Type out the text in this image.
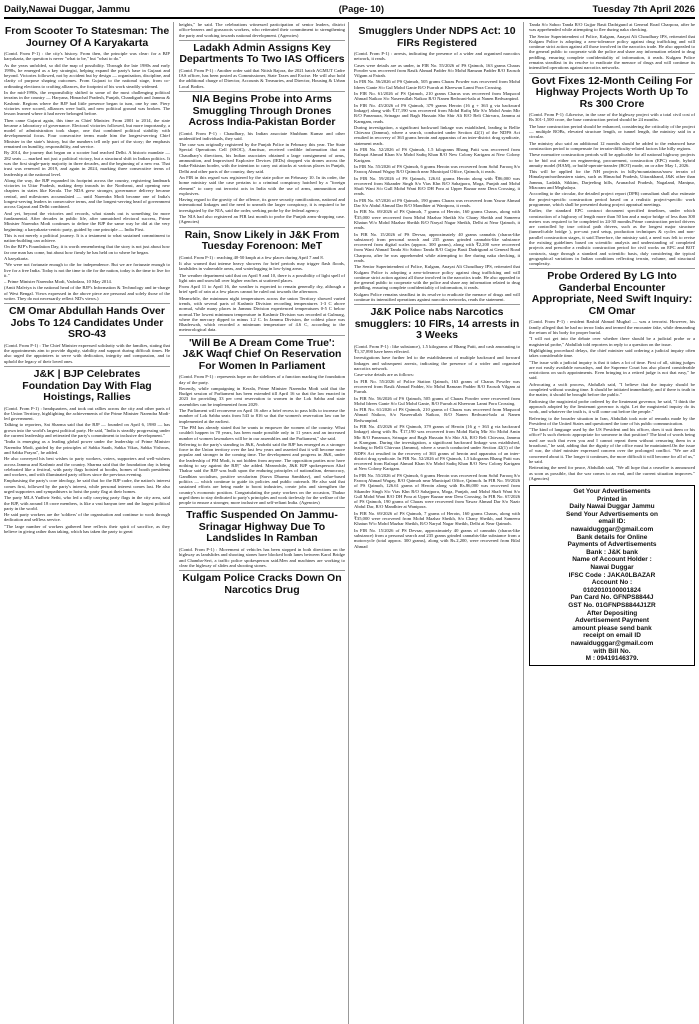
Daily,Nawai Duggar, Jammu	(Page- 10)	Tuesday 7th April 2026
From Scooter To Statesman: The Journey Of A Karyakarta

(Contd. From P-1) : the city's history. From then, the principle was clear: for a BJP karyakarta, the question is never "what to be," but "what to do."

As the years unfolded, so did the map of possibility. Through the late 1980s and early 1990s, he emerged as a key strategist, helping expand the party's base in Gujarat and beyond. Victories followed, not by accident but by design — organisation, discipline, and clarity of purpose shaping outcomes. From Gujarat to the national stage, from co-ordinating elections to crafting alliances, the footprint of his work steadily widened.

In the mid-1990s, the responsibility shifted to some of the most challenging political terrains in the country — Haryana, Himachal Pradesh, Punjab, Chandigarh and Jammu & Kashmir. Regions where the BJP had little presence began to turn, one by one. Fiery victories were scored, alliances were built, and new political ground was broken. The lesson learned where it had never belonged before.

Then came Gujarat again, this time as Chief Minister. From 2001 to 2014, the state became a laboratory of governance. Electoral victories followed, but more importantly, a model of administration took shape, one that combined political stability with developmental focus. Four consecutive terms made him the longest-serving Chief Minister in the state's history, but the numbers tell only part of the story; the emphasis remained on humility, responsibility, and service.

By 2014, the journey that began on a scooter had reached Delhi. A historic mandate — 282 seats — marked not just a political victory, but a structural shift in Indian politics. It was the first single-party majority in three decades, and the beginning of a new era. That trust was renewed in 2019, and again in 2024, marking three consecutive terms of leadership at the national level.

Along the way, the BJP expanded its footprint across the country, registering landmark victories in Uttar Pradesh, making deep inroads in the Northeast, and opening new chapters in states like Kerala. The NDA grew stronger, governance delivery became central, and milestones accumulated — until Narendra Modi became one of India's longest-serving leaders in consecutive terms, and the longest-serving head of government across Gujarat and Delhi combined.

And yet, beyond the victories and records, what stands out is something far more fundamental. After decades in public life, after unmatched electoral success, Prime Minister Narendra Modi continues to define the BJP the same way he did at the very beginning: a karyakarta-centric party, guided by one principle — India First.

This is not merely a political journey. It is a testament to what sustained commitment to nation-building can achieve.

On the BJP's Foundation Day, it is worth remembering that the story is not just about how far one man has come, but about how firmly he has held on to where he began.

A karyakarta.

"We were not fortunate enough to die for independence. But we are fortunate enough to live for a free India. Today is not the time to die for the nation, today is the time to live for it."

– Prime Minister Narendra Modi, Vadodara, 10 May 2014.

(Amit Malviya is the national head of the BJP's Information & Technology and in-charge of West Bengal. Views expressed in the above piece are personal and solely those of the writer. They do not necessarily reflect ND's views.)

CM Omar Abdullah Hands Over Jobs To 124 Candidates Under SRO-43

(Contd. From P-1) : The Chief Minister expressed solidarity with the families, stating that the appointments aim to provide dignity, stability and support during difficult times. He also urged the appointees to serve with dedication, integrity and compassion, and to uphold the legacy of their loved ones.

J&K | BJP Celebrates Foundation Day With Flag Hoistings, Rallies

(Contd. From P-1) : headquarters, and took out rallies across the city and other parts of the Union Territory, highlighting the achievements of the Prime Minister Narendra Modi-led government.

Talking to reporters, Sat Sharma said that the BJP — founded on April 6, 1980 — has grown into the world's largest political party. He said, "India is steadily progressing under the current leadership and reiterated the party's commitment to inclusive development."

"India is emerging as a leading global power under the leadership of Prime Minister Narendra Modi, guided by the principles of Sabka Saath, Sabka Vikas, Sabka Vishwas, and Sabka Prayas", he added.

He also conveyed his best wishes to party workers, voters, supporters and well-wishers across Jammu and Kashmir and the country. Sharma said that the foundation day is being celebrated like a festival, with party flags hoisted at booths, homes of booth presidents and workers, and with illuminated party offices since the previous evening.

Emphasising the party's core ideology, he said that for the BJP cadre, the nation's interest comes first, followed by the party's interest, while personal interest comes last. He also urged supporters and sympathisers to hoist the party flag at their homes.

The party MLA Yudhvir Sethi, who led a rally carrying party flags in the city area, said the BJP, with around 18 crore members, is like a vast banyan tree and the largest political party in the world.

He said party workers are the 'soldiers' of the organisation and continue to work through dedication and selfless service.

"The large number of workers gathered here reflects their spirit of sacrifice, as they believe in giving rather than taking, which has taken the party to great

heights," he said. The celebrations witnessed participation of senior leaders, district office-bearers and grassroots workers, who reiterated their commitment to strengthening the party and working towards national development. (Agencies)

Ladakh Admin Assigns Key Departments To Two IAS Officers

(Contd. From P-1) : Another order said that Nitish Rajora, the 2021 batch AGMUT Cadre IAS officer, has been posted as Commissioner, State Taxes and Excise. He will also hold the additional charge of Director, Accounts & Treasuries, and Director, Housing & Urban Local Bodies.

NIA Begins Probe into Arms Smuggling Through Drones Across India-Pakistan Border

(Contd. From P-1) : Chaudhary, his Indian associate Shubham Kumar and other unidentified individuals, they said.

The case was originally registered by the Punjab Police in February this year. The State Special Operations Cell (SSOC), Amritsar, received credible information that on Chaudhary's directions, his Indian associates obtained a large consignment of arms, ammunition, and Improvised Explosive Devices (IEDs) dropped via drones across the India-Pakistan border, with the intention to carry out attacks at various places in Punjab, Delhi and other parts of the country, they said.

An FIR in this regard was registered by the state police on February 10. In its order, the home ministry said the case pertains to a criminal conspiracy hatched by a "foreign element" to carry out terrorist acts in India with the use of arms, ammunition and explosives.

Having regard to the gravity of the offence, its grave security ramifications, national and international linkages and the need to unearth the larger conspiracy, it is required to be investigated by the NIA, said the order, seeking probe by the federal agency.

The NIA had also registered an FIR last month to probe the Punjab arms-dropping case. (Agencies)

Rain, Snow Likely in J&K From Tuesday Forenoon: MeT

(Contd. From P-1) : reaching 40-50 kmph at a few places during April 7 and 8.

It also warned that intense heavy showers for brief periods may trigger flash floods, landslides in vulnerable areas, and waterlogging in low-lying areas.

The weather department said that on April 9 and 10, there is a possibility of light spell of light rain and snowfall over higher reaches at scattered places.

From April 11 to April 16, the weather is expected to remain generally dry, although a brief spell of rain at a few places cannot be ruled out towards the afternoon.

Meanwhile, the minimum night temperatures across the union Territory showed varied trends, with several parts of Kashmir Division recording temperatures 1-3 C above normal, while many places in Jammu Division experienced temperatures 0-5 C below normal.The lowest minimum temperature in Kashmir Division was recorded at Gulmarg, where the mercury dipped to minus 1.2 C. In Jammu Division, the coldest place was Bhaderwah, which recorded a minimum temperature of 4.6 C, according to the meteorological data.

'Will Be A Dream Come True': J&K Waqf Chief On Reservation For Women In Parliament

(Contd. From P-1) : represents hope on the sidelines of a function marking the foundation day of the party.

Recently, while campaigning in Kerala, Prime Minister Narendra Modi said that the Budget session of Parliament has been extended till April 16 so that the law enacted in 2023 for providing 33 per cent reservation to women in the Lok Sabha and state assemblies can be implemented from 2029.

The Parliament will reconvene on April 16 after a brief recess to pass bills to increase the number of Lok Sabha seats from 543 to 816 so that the women's reservation law can be implemented at the earliest.

"The PM has already stated that he wants to empower the women of the country. What couldn't happen in 70 years, has been made possible only in 11 years and an increased number of women lawmakers will be in our assemblies and the Parliament," she said.

Referring to the party's standing in J&K, Andrabi said the BJP has emerged as a stronger force in the Union territory over the last few years and asserted that it will become more popular and stronger in the coming time. The development and progress in J&K, under the leadership of PM Modi, is not hidden from anyone. The opposition parties now have nothing to say against the BJP," she added. Meanwhile, J&K BJP spokesperson Altaf Thakur said the BJP was built upon the enduring principles of nationalism, democracy, Gandhian socialism, positive secularism (Sarva Dharma Sambhav), and value-based politics — which continue to guide its policies and public outreach. He also said that sustained efforts are being made to boost industries, create jobs and strengthen the country's economic position. Congratulating the party workers on the occasion, Thakur urged them to stay dedicated to party's principles and work tirelessly for the welfare of the people to ensure a stronger, more inclusive and self-reliant India. (Agencies)

Traffic Suspended On Jammu-Srinagar Highway Due To Landslides In Ramban

(Contd. From P-1) : Movement of vehicles has been stopped in both directions on the highway as landslides and shooting stones have blocked both lanes between Karol Bridge and Chamba-Seri, a traffic police spokesperson said.Men and machines are working to clear the highway of slides and shooting stones.

Kulgam Police Cracks Down On Narcotics Drug
Smugglers Under NDPS Act: 10 FIRs Registered

(Contd. From P-1) : arrests, indicating the presence of a wider and organised narcotics network, it reads.

Cases were details are as under, in FIR No. 55/2026 of PS Qaimoh, 163 grams Charas Powder was recovered from Rasik Ahmad Padder S/o Mohd Ramzan Padder R/O Ezosoh Vilgam at Fairah.

In FIR No. 56/2026 of PS Qaimoh, 505 grams Charas Powder was recovered from Mohd Idrees Ganie S/o Gul Mohd Ganie R/O Furrah at Kheewan Lanni Pora Crossing.

In FIR No. 61/2026 of PS Qaimoh, 210 grams Charas was recovered from Maqsood Ahmad Naikoo S/o Naseerullah Naikoo R/O Nanen Redwani-bala at Nanen Redwanpind.

In FIR No. 45/2026 of PS Qaimoh, 379 grams Heroin (16 g + 363 g via backward linkage) along with ₹17,190 was recovered from Mohd Rafiq Mir S/o Mohd Amin Mir R/O Panzmara, Srinagar and Bagh Hussain Sho Shir Ali R/O Beli Chirvara, Jammu at Karngam, reads.

During investigation, a significant backward linkage was established, leading to Bellie Chirvara (Jammu), where a search, conducted under Section 42(1) of the NDPS Act resulted in recovery of 363 grams heroin and apparatus of an inter-district drug syndicate, statement reads.

In FIR No. 52/2026 of PS Qaimoh, 1.5 kilograms Bhang Patti was recovered from Rafaqat Ahmad Khan S/o Mohd Sadiq Khan R/O New Colony Karigam at New Colony Karigam.

In FIR No. 55/2026 of PS Qaimoh, 6 grams Heroin was recovered from Sohil Farooq S/o Farooq Ahmad Wagay R/O Qaimoh near Municipal Office, Qaimoh, it reads.

In FIR No. 59/2026 of PS Qaimoh, 126.61 grams Heroin along with ₹86,000 was recovered from Sikander Singh S/o Vias Khn R/O Sahajpora, Moga, Punjab and Mohd Shafi Wani S/o Gull Mohd Wani R/O DH Pora at Upper Bazaar near Dera Crossing, it reads.

In FIR No. 67/2026 of PS Qaimoh, 190 grams Charas was recovered from Yawar Ahmad Dar S/o Abdul Ahmad Dar R/O Mandhier at Wanipora, it reads.

In FIR No. 69/2026 of PS Qaimoh, 7 grams of Heroin, 160 grams Charas, along with ₹35,000 were recovered from Mohd Mazhar Sheikh S/o Chany Sheikh and Sameera Khatun W/o Mohd Mazhar Sheikh R/O Naryal Nagar Sheikh, Delhi at Near Qaimoh, it reads.

In FIR No. 15/2026 of PS Devsar, approximately 40 grams cannabis (charas-like substance) from personal search and 235 grams grinded cannabis-like substance recovered from digital scales (approx. 300 grams), along with ₹2,200 were recovered from Wani Ahmad Tanda S/o Saboo Tanda R/O Gujjar Basti Dadrigund at General Road Charpora, after he was apprehended while attempting to flee during naka checking, it reads.

The Senior Superintendent of Police, Kulgam, Anayat Ali Choudhary IPS, reiterated that Kulgam Police is adopting a zero-tolerance policy against drug trafficking and will continue strict action against all those involved in the narcotics trade. He also appealed to the general public to cooperate with the police and share any information related to drug peddling, ensuring complete confidentiality of information, it reads.

Kulgam Police remains steadfast in its resolve to eradicate the menace of drugs and will continue its intensified operations against narcotics networks, reads the statement.

J&K Police nabs Narcotics smugglers: 10 FIRs, 14 arrests in 3 Weeks

(Contd. From P-1) : like substance), 1.5 kilograms of Bhang Patti, and cash amounting to ₹1,37,890 have been effected.

Investigations have further led to the establishment of multiple backward and forward linkages and subsequent arrests, indicating the presence of a wider and organised narcotics network.

Case-wise details are as follows:

In FIR No. 55/2026 of Police Station Qaimoh, 163 grams of Charas Powder was recovered from Rasik Ahmad Padder, S/o Mohd Ramzan Padder R/O Ezosoh Vilgam at Furrah.

In FIR No. 56/2026 of PS Qaimoh, 505 grams of Charas Powder were recovered from Mohd Idrees Ganie S/o Gul Mohd Ganie, R/O Furrah at Kheewan Lanni Pora Crossing.

In FIR No. 61/2026 of PS Qaimoh, 210 grams of Charas was recovered from Maqsood Ahmad Naikoo, S/o Naseerullah Naikoo, R/O Nanen Redwani-bala at Nanen Redwanpind.

In FIR No. 45/2026 of PS Qaimoh, 379 grams of Heroin (16 g + 363 g via backward linkage) along with Rs. ₹17,190 was recovered from Mohd Rafiq Mir S/o Mohd Amin Mir R/O Panzmara, Srinagar and Bagh Hussain S/o Shir Ali, R/O Beli Chirvara, Jammu at Karngam. During the investigation, a significant backward linkage was established, leading to Belli Chirvara (Jammu), where a search conducted under Section 42(1) of the NDPS Act resulted in the recovery of 363 grams of heroin and apparatus of an inter-district drug syndicate. In FIR No. 52/2026 of PS Qaimoh, 1.5 kilograms Bhang Patti was recovered from Rafaqat Ahmad Khan S/o Mohd Sadiq Khan R/O New Colony Karigam at New Colony Karigam.

In FIR No. 55/2026 of PS Qaimoh, 6 grams Heroin was recovered from Sohil Farooq S/o Farooq Ahmad Wagay, R/O Qaimoh near Municipal Office, Qaimoh. In FIR No. 59/2026 of PS Qaimoh, 126.61 grams of Heroin along with Rs.86,000 was recovered from Sikander Singh S/o Vias Khn R/O Sahajpora, Moga, Punjab, and Mohd Shafi Wani S/o Gull Mohd Wani R/O DH Pora at Upper Bazaar near Dera Crossing. In FIR No. 67/2026 of PS Qaimoh, 190 grams of Charas were recovered from Yawar Ahmad Dar S/o Nazir Abdul Dar, R/O Mandhier at Wanipora.

In FIR No. 69/2026 of PS Qaimoh, 7 grams of Heroin, 160 grams Charas, along with ₹35,000 were recovered from Mohd Mazhar Sheikh, S/o Chany Sheikh, and Sameera Khatun W/o Mohd Mazhar Sheikh, R/O Naryal Nagar Sheikh, Delhi at Near Qaimoh.

In FIR No. 15/2026 of PS Devsar, approximately 40 grams of cannabis (charas-like substance) from a personal search and 235 grams grinded cannabis-like substance from a motorcycle (total approx. 300 grams), along with Rs.2,200, were recovered from Bilal Ahmad

Tanda S/o Saboo Tanda R/O Gujjar Basti Dadrigund at General Road Charpora, after he was apprehended while attempting to flee during naka checking.

The Senior Superintendent of Police, Kulgam, Anayat Ali Choudhary IPS, reiterated that Kulgam Police is adopting a zero-tolerance policy against drug trafficking and will continue strict action against all those involved in the narcotics trade. He also appealed to the general public to cooperate with the police and share any information related to drug peddling, ensuring complete confidentiality of information, it reads. Kulgam Police remains steadfast in its resolve to eradicate the menace of drugs and will continue its intensified operations against narcotics networks.

Govt Fixes 12-Month Ceiling For Highway Projects Worth Up To Rs 300 Crore

(Contd. From P-1) :Likewise, in the case of the highway project with a total civil cost of Rs 301-1,500 crore, the base construction period should be 24 months.

The base construction period should be enhanced, considering the criticality of the project — multiple ROBs, elevated structure length, or tunnel length, the ministry said in a circular.

The ministry also said an additional 12 months should be added to the enhanced base construction period to compensate for terrain-difficulty-related factors like hilly regions.

These normative construction periods will be applicable for all national highway projects to be bid out either on engineering, procurement, construction (EPC) mode, hybrid annuity model (HAM), or build-operate-transfer (BOT) mode, on or after May 1, 2026.

This will be applied for the NH projects in hilly/mountainous/snow terrain of Himalayan/northeastern states, such as Himachal Pradesh, Uttarakhand, J&K other than Jammu, Ladakh, Sikkim, Darjeeling hills, Arunachal Pradesh, Nagaland, Manipur, Mizoram and Meghalaya.

According to the circular, the detailed project report (DPR) consultant shall also estimate the project-specific construction period based on a realistic project-specific work programme, which shall be presented during project appraisal meetings.

Earlier, the standard EPC contract document specified timelines, under which construction of a highway of length more than 50 km and a major bridge of less than 300 metres was required to be completed in 24-30 months.Prime construction period drivers are controlled by true critical path drivers, such as the longest major structure (tunnel/cable bridge ), pre-cast yard setup, production techniques & cycles and non-parallel construction stages, it said.Therefore, the ministry said, a need was felt to revise the existing guidelines based on scientific analysis and understanding of completed projects and prescribe a realistic construction period for civil works on EPC and BOT contracts, stage through a standard and scientific basis, duly considering the typical geographical variations in Indian conditions reflecting terrain, volume, and structural complexity.

Probe Ordered By LG Into Ganderbal Encounter Appropriate, Need Swift Inquiry: CM Omar

(Contd. From P-1) : resident Rashid Ahmad Mughal — was a terrorist. However, his family alleged that he had no terror links and termed the encounter fake, while demanding the return of his body for proper burial.

"I will not get into the debate over whether there should be a judicial probe or a magisterial probe," Abdullah told reporters in reply to a question on the issue.

Highlighting procedural delays, the chief minister said ordering a judicial inquiry often takes considerable time.

"The issue with a judicial inquiry is that it takes a lot of time. First of all, sitting judges are not easily available nowadays, and the Supreme Court has also placed considerable restrictions on such appointments. Even bringing in a retired judge is not that easy," he said.

Advocating a swift process, Abdullah said, "I believe that the inquiry should be completed without wasting time. It should be initiated immediately, and if there is truth in the matter, it should be brought before the public."

Endorsing the magisterial probe ordered by the lieutenant governor, he said, "I think the approach adopted by the lieutenant governor is right. Let the magisterial inquiry do its work, and whatever the truth is, it will come out before the people."

Referring to the broader situation in Iran, Abdullah took note of remarks made by the President of the United States and questioned the tone of his public communication.

"The kind of language used by the US President and his officer, does it suit them or his office? Is such rhetoric appropriate for someone in that position? The kind of words being used are such that even you and I cannot repeat them without censoring them in a broadcast," he said, adding that the dignity of the office must be maintained.On the issue of war, the chief minister expressed concern over the prolonged conflict. "We are all concerned about it. The longer it continues, the more difficult it will become for all of us," he said.

Reiterating the need for peace, Abdullah said, "We all hope that a ceasefire is announced as soon as possible, that the war comes to an end, and the current situation improves." (Agencies)

Get Your Advertisements
Printed in
Daily Nawai Duggar Jammu
Send Your Advertisements on
email ID:
nawaidugggar@gmail.com
Bank details for Online
Payments of Advertisements
Bank : J&K bank
Name of Account Holder :
Nawai Duggar
IFSC Code : JAKA0LBAZAR
Account No :
0102010100001824
Pan Card No. GFNPS8844J
GST No. 01GFNPS8844J1ZR
After Depositing
Advertisement Payment
amount please send bank
receipt on email ID
nawaidugggar@gmail.com
with Bill No.
M : 09419146379.
